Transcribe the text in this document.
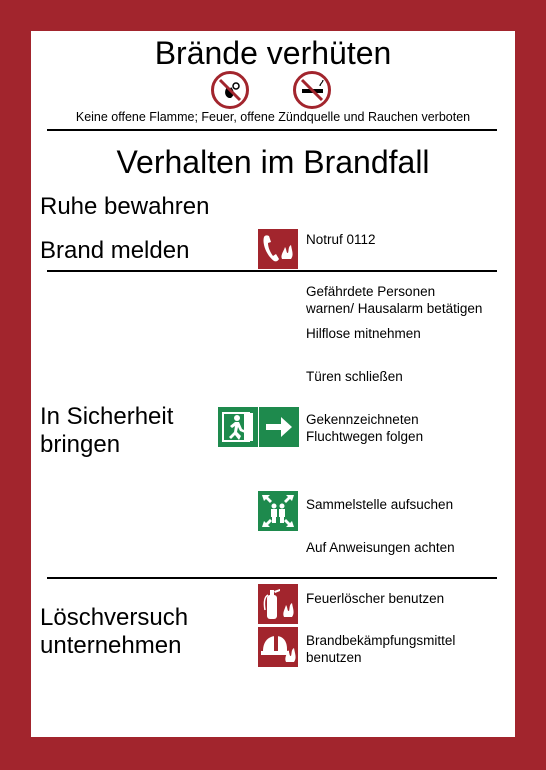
Brände verhüten
Keine offene Flamme; Feuer, offene Zündquelle und Rauchen verboten
Verhalten im Brandfall
Ruhe bewahren
Brand melden	Notruf 0112
In Sicherheit
bringen
Gefährdete Personen
warnen/ Hausalarm betätigen
Hilflose mitnehmen
Türen schließen
Gekennzeichneten
Fluchtwegen folgen
Sammelstelle aufsuchen
Auf Anweisungen achten
Löschversuch
unternehmen
Feuerlöscher benutzen
Brandbekämpfungsmittel
benutzen
